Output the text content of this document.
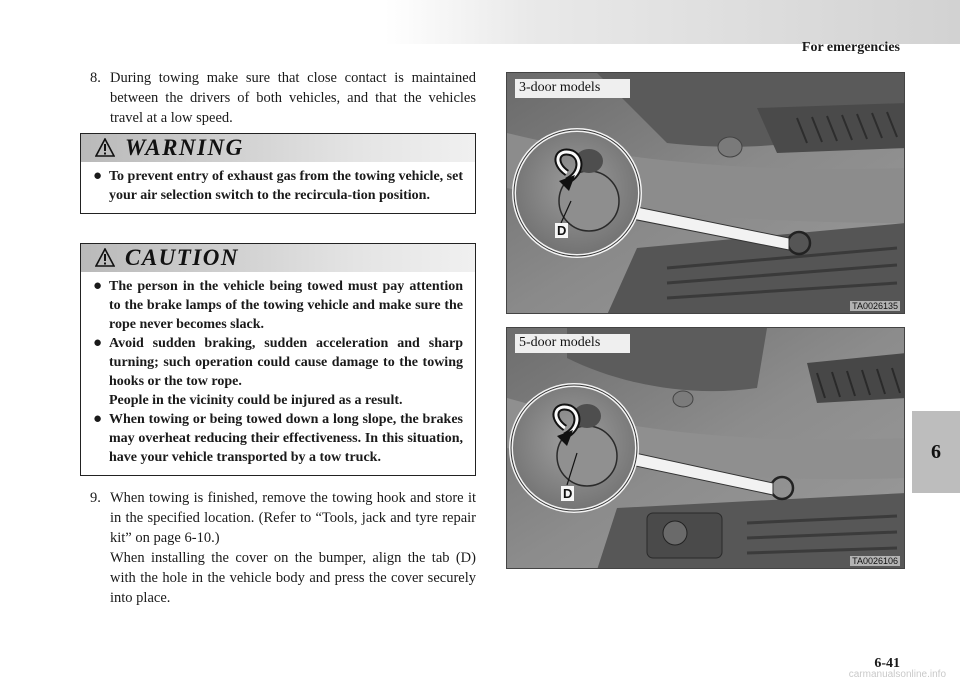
For emergencies
8. During towing make sure that close contact is maintained between the drivers of both vehicles, and that the vehicles travel at a low speed.
WARNING
● To prevent entry of exhaust gas from the towing vehicle, set your air selection switch to the recircula-tion position.
CAUTION
● The person in the vehicle being towed must pay attention to the brake lamps of the towing vehicle and make sure the rope never becomes slack.
● Avoid sudden braking, sudden acceleration and sharp turning; such operation could cause damage to the towing hooks or the tow rope.

People in the vicinity could be injured as a result.

● When towing or being towed down a long slope, the brakes may overheat reducing their effectiveness. In this situation, have your vehicle transported by a tow truck.
9. When towing is finished, remove the towing hook and store it in the specified location. (Refer to “Tools, jack and tyre repair kit” on page 6-10.)

When installing the cover on the bumper, align the tab (D) with the hole in the vehicle body and press the cover securely into place.

3-door models
D
TA0026135
5-door models
D
TA0026106
6
6-41
carmanualsonline.info
